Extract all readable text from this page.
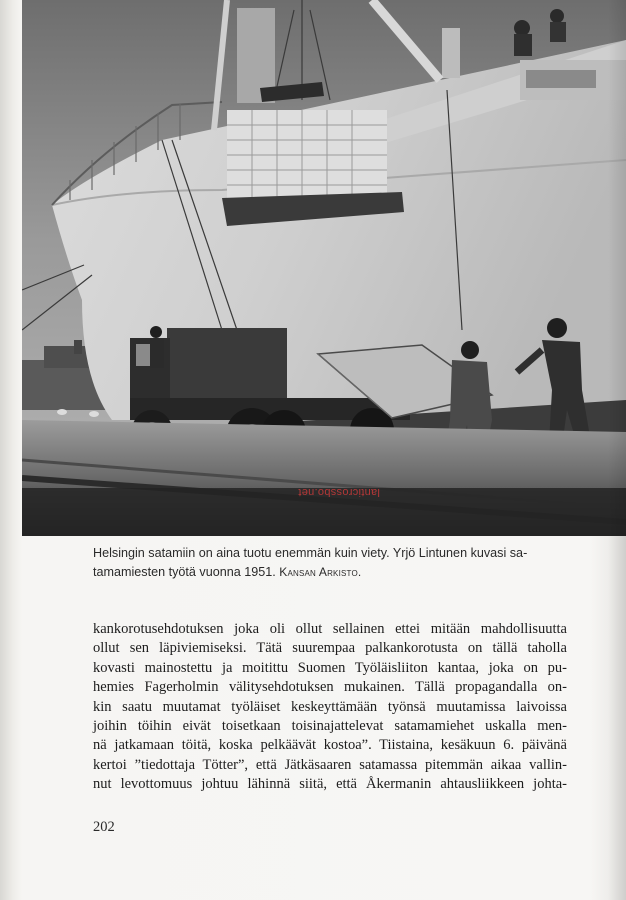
lanticrossbo.net
Helsingin satamiin on aina tuotu enemmän kuin viety. Yrjö Lintunen kuvasi satamamiesten työtä vuonna 1951. Kansan Arkisto.
kankorotusehdotuksen joka oli ollut sellainen ettei mitään mahdollisuutta
ollut sen läpiviemiseksi. Tätä suurempaa palkankorotusta on tällä taholla
kovasti mainostettu ja moitittu Suomen Työläisliiton kantaa, joka on pu-
hemies Fagerholmin välitysehdotuksen mukainen. Tällä propagandalla on-
kin saatu muutamat työläiset keskeyttämään työnsä muutamissa laivoissa
joihin töihin eivät toisetkaan toisinajattelevat satamamiehet uskalla men-
nä jatkamaan töitä, koska pelkäävät kostoa”. Tiistaina, kesäkuun 6. päivänä
kertoi ”tiedottaja Tötter”, että Jätkäsaaren satamassa pitemmän aikaa vallin-
nut levottomuus johtuu lähinnä siitä, että Åkermanin ahtausliikkeen johta-
202
